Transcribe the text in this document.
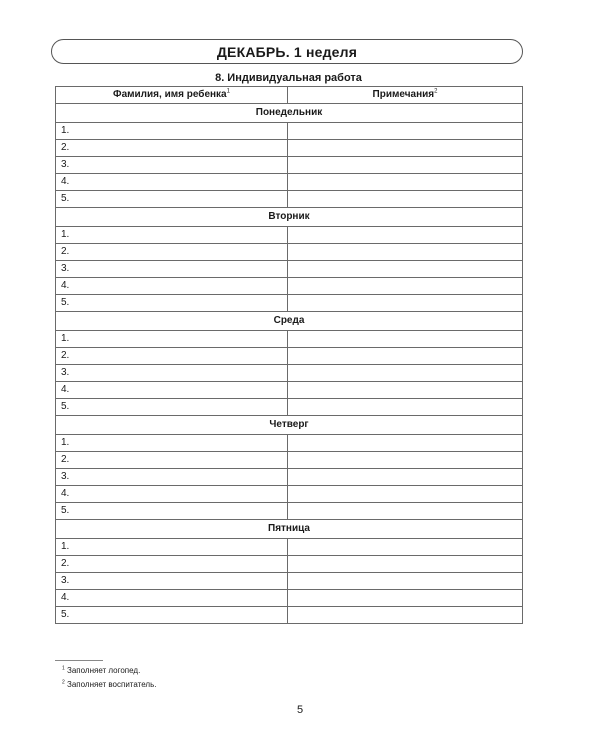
ДЕКАБРЬ. 1 неделя
8. Индивидуальная работа
Фамилия, имя ребенка$^1$	Примечания$^2$
Понедельник	
1.	
2.	
3.	
4.	
5.	
Вторник	
1.	
2.	
3.	
4.	
5.	
Среда	
1.	
2.	
3.	
4.	
5.	
Четверг	
1.	
2.	
3.	
4.	
5.	
Пятница	
1.	
2.	
3.	
4.	
5.	
$^1$ Заполняет логопед.
$^2$ Заполняет воспитатель.
5
